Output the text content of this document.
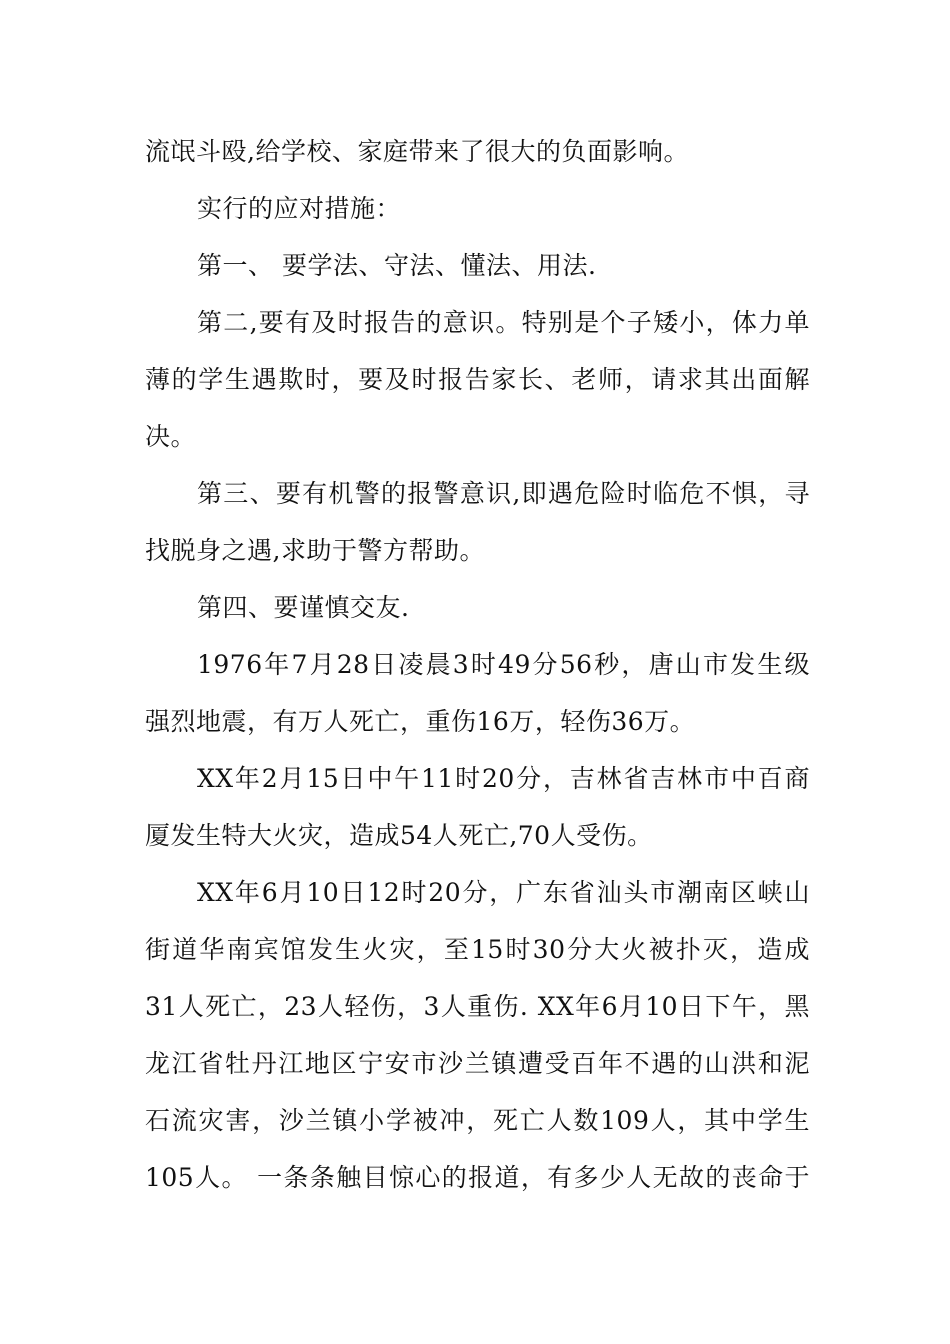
流氓斗殴,给学校、家庭带来了很大的负面影响。
实行的应对措施：
第一、 要学法、守法、懂法、用法.
第二,要有及时报告的意识。特别是个子矮小，体力单
薄的学生遇欺时，要及时报告家长、老师，请求其出面解
决。
第三、要有机警的报警意识,即遇危险时临危不惧，寻
找脱身之遇,求助于警方帮助。
第四、要谨慎交友.
1976年7月28日凌晨3时49分56秒，唐山市发生级
强烈地震，有万人死亡，重伤16万，轻伤36万。
XX年2月15日中午11时20分，吉林省吉林市中百商
厦发生特大火灾，造成54人死亡,70人受伤。
XX年6月10日12时20分，广东省汕头市潮南区峡山
街道华南宾馆发生火灾，至15时30分大火被扑灭，造成
31人死亡，23人轻伤，3人重伤. XX年6月10日下午，黑
龙江省牡丹江地区宁安市沙兰镇遭受百年不遇的山洪和泥
石流灾害，沙兰镇小学被冲，死亡人数109人，其中学生
105人。 一条条触目惊心的报道，有多少人无故的丧命于
